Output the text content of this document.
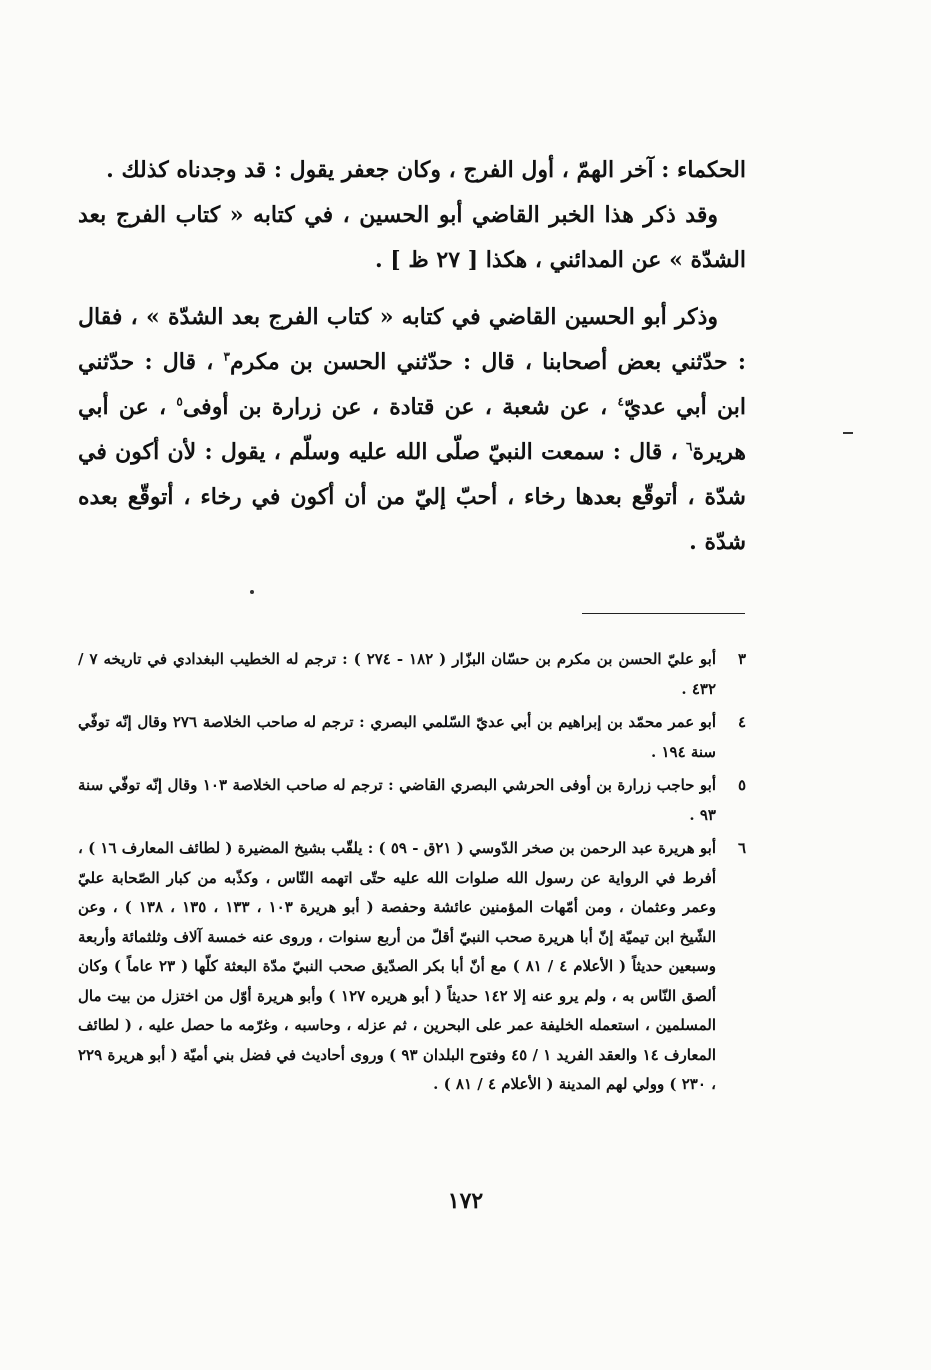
الحكماء : آخر الهمّ ، أول الفرج ، وكان جعفر يقول : قد وجدناه كذلك .

وقد ذكر هذا الخبر القاضي أبو الحسين ، في كتابه « كتاب الفرج بعد الشدّة » عن المدائني ، هكذا [ ٢٧ ظ ] .

وذكر أبو الحسين القاضي في كتابه « كتاب الفرج بعد الشدّة » ، فقال : حدّثني بعض أصحابنا ، قال : حدّثني الحسن بن مكرم$^٣$ ، قال : حدّثني ابن أبي عديّ$^٤$ ، عن شعبة ، عن قتادة ، عن زرارة بن أوفى$^٥$ ، عن أبي هريرة$^٦$ ، قال : سمعت النبيّ صلّى الله عليه وسلّم ، يقول : لأن أكون في شدّة ، أتوقّع بعدها رخاء ، أحبّ إليّ من أن أكون في رخاء ، أتوقّع بعده شدّة .

٣
أبو عليّ الحسن بن مكرم بن حسّان البزّار ( ١٨٢ - ٢٧٤ ) : ترجم له الخطيب البغدادي في تاريخه ٧ / ٤٣٢ .
٤
أبو عمر محمّد بن إبراهيم بن أبي عديّ السّلمي البصري : ترجم له صاحب الخلاصة ٢٧٦ وقال إنّه توفّي سنة ١٩٤ .
٥
أبو حاجب زرارة بن أوفى الحرشي البصري القاضي : ترجم له صاحب الخلاصة ١٠٣ وقال إنّه توفّي سنة ٩٣ .
٦
أبو هريرة عبد الرحمن بن صخر الدّوسي ( ٢١ق - ٥٩ ) : يلقّب بشيخ المضيرة ( لطائف المعارف ١٦ ) ، أفرط في الرواية عن رسول الله صلوات الله عليه حتّى اتهمه النّاس ، وكذّبه من كبار الصّحابة عليّ وعمر وعثمان ، ومن أمّهات المؤمنين عائشة وحفصة ( أبو هريرة ١٠٣ ، ١٣٣ ، ١٣٥ ، ١٣٨ ) ، وعن الشّيخ ابن تيميّة إنّ أبا هريرة صحب النبيّ أقلّ من أربع سنوات ، وروى عنه خمسة آلاف وثلثمائة وأربعة وسبعين حديثاً ( الأعلام ٤ / ٨١ ) مع أنّ أبا بكر الصدّيق صحب النبيّ مدّة البعثة كلّها ( ٢٣ عاماً ) وكان ألصق النّاس به ، ولم يرو عنه إلا ١٤٢ حديثاً ( أبو هريره ١٢٧ ) وأبو هريرة أوّل من اختزل من بيت مال المسلمين ، استعمله الخليفة عمر على البحرين ، ثم عزله ، وحاسبه ، وغرّمه ما حصل عليه ، ( لطائف المعارف ١٤ والعقد الفريد ١ / ٤٥ وفتوح البلدان ٩٣ ) وروى أحاديث في فضل بني أميّة ( أبو هريرة ٢٢٩ ، ٢٣٠ ) وولي لهم المدينة ( الأعلام ٤ / ٨١ ) .
١٧٢
